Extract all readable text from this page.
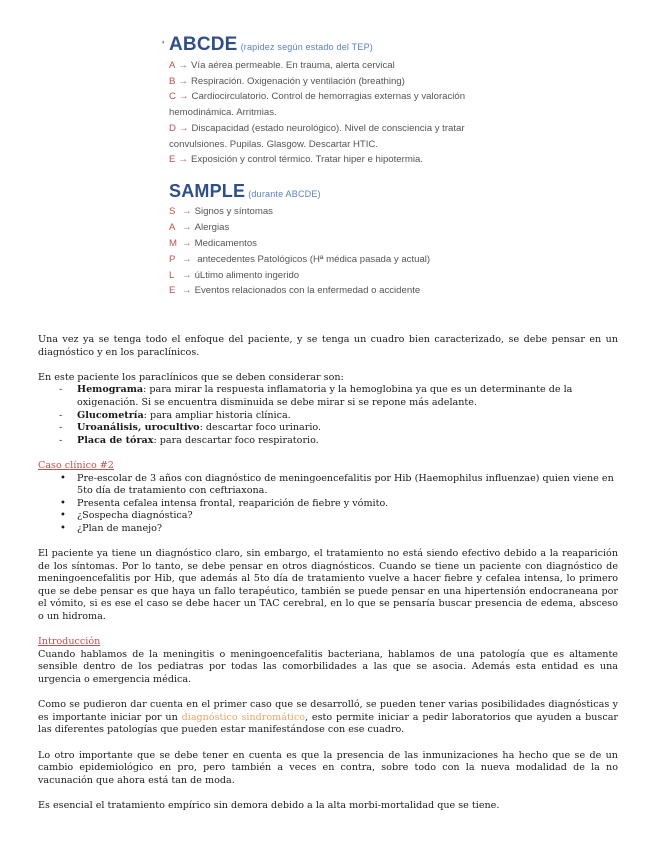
ʹ ABCDE (rapidez según estado del TEP)
A → Vía aérea permeable. En trauma, alerta cervical
B → Respiración. Oxigenación y ventilación (breathing)
C → Cardiocirculatorio. Control de hemorragias externas y valoración
hemodinámica. Arritmias.
D → Discapacidad (estado neurológico). Nivel de consciencia y tratar
convulsiones. Pupilas. Glasgow. Descartar HTIC.
E → Exposición y control térmico. Tratar hiper e hipotermia.
SAMPLE (durante ABCDE)
S → Signos y síntomas
A → Alergias
M → Medicamentos
P → antecedentes Patológicos (Hª médica pasada y actual)
L → úLtimo alimento ingerido
E → Eventos relacionados con la enfermedad o accidente

Una vez ya se tenga todo el enfoque del paciente, y se tenga un cuadro bien caracterizado, se debe pensar en un diagnóstico y en los paraclínicos.

En este paciente los paraclínicos que se deben considerar son:

- Hemograma: para mirar la respuesta inflamatoria y la hemoglobina ya que es un determinante de la oxigenación. Si se encuentra disminuida se debe mirar si se repone más adelante.
- Glucometría: para ampliar historia clínica.
- Uroanálisis, urocultivo: descartar foco urinario.
- Placa de tórax: para descartar foco respiratorio.

Caso clínico #2

• Pre-escolar de 3 años con diagnóstico de meningoencefalitis por Hib (Haemophilus influenzae) quien viene en 5to día de tratamiento con ceftriaxona.
• Presenta cefalea intensa frontal, reaparición de fiebre y vómito.
• ¿Sospecha diagnóstica?
• ¿Plan de manejo?

El paciente ya tiene un diagnóstico claro, sin embargo, el tratamiento no está siendo efectivo debido a la reaparición de los síntomas. Por lo tanto, se debe pensar en otros diagnósticos. Cuando se tiene un paciente con diagnóstico de meningoencefalitis por Hib, que además al 5to día de tratamiento vuelve a hacer fiebre y cefalea intensa, lo primero que se debe pensar es que haya un fallo terapéutico, también se puede pensar en una hipertensión endocraneana por el vómito, si es ese el caso se debe hacer un TAC cerebral, en lo que se pensaría buscar presencia de edema, absceso o un hidroma.

Introducción

Cuando hablamos de la meningitis o meningoencefalitis bacteriana, hablamos de una patología que es altamente sensible dentro de los pediatras por todas las comorbilidades a las que se asocia. Además esta entidad es una urgencia o emergencia médica.

Como se pudieron dar cuenta en el primer caso que se desarrolló, se pueden tener varias posibilidades diagnósticas y es importante iniciar por un diagnóstico sindromático, esto permite iniciar a pedir laboratorios que ayuden a buscar las diferentes patologías que pueden estar manifestándose con ese cuadro.

Lo otro importante que se debe tener en cuenta es que la presencia de las inmunizaciones ha hecho que se de un cambio epidemiológico en pro, pero también a veces en contra, sobre todo con la nueva modalidad de la no vacunación que ahora está tan de moda.

Es esencial el tratamiento empírico sin demora debido a la alta morbi-mortalidad que se tiene.
